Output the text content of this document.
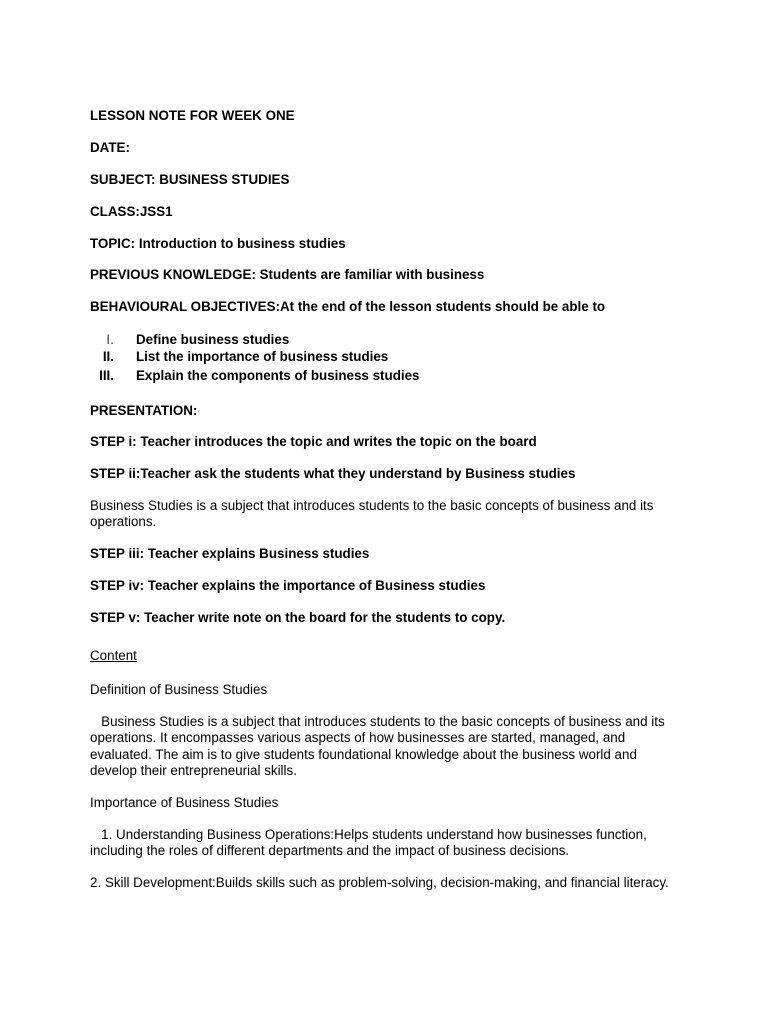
LESSON NOTE FOR WEEK ONE
DATE:
SUBJECT: BUSINESS STUDIES
CLASS:JSS1
TOPIC: Introduction to business studies
PREVIOUS KNOWLEDGE: Students are familiar with business
BEHAVIOURAL OBJECTIVES:At the end of the lesson students should be able to
I. Define business studies
II. List the importance of business studies
III. Explain the components of business studies
PRESENTATION:
STEP i: Teacher introduces the topic and writes the topic on the board
STEP ii:Teacher ask the students what they understand by Business studies
Business Studies is a subject that introduces students to the basic concepts of business and its operations.
STEP iii: Teacher explains Business studies
STEP iv: Teacher explains the importance of Business studies
STEP v: Teacher write note on the board for the students to copy.
Content
Definition of Business Studies
Business Studies is a subject that introduces students to the basic concepts of business and its operations. It encompasses various aspects of how businesses are started, managed, and evaluated. The aim is to give students foundational knowledge about the business world and develop their entrepreneurial skills.
Importance of Business Studies
1. Understanding Business Operations:Helps students understand how businesses function, including the roles of different departments and the impact of business decisions.
2. Skill Development:Builds skills such as problem-solving, decision-making, and financial literacy.
